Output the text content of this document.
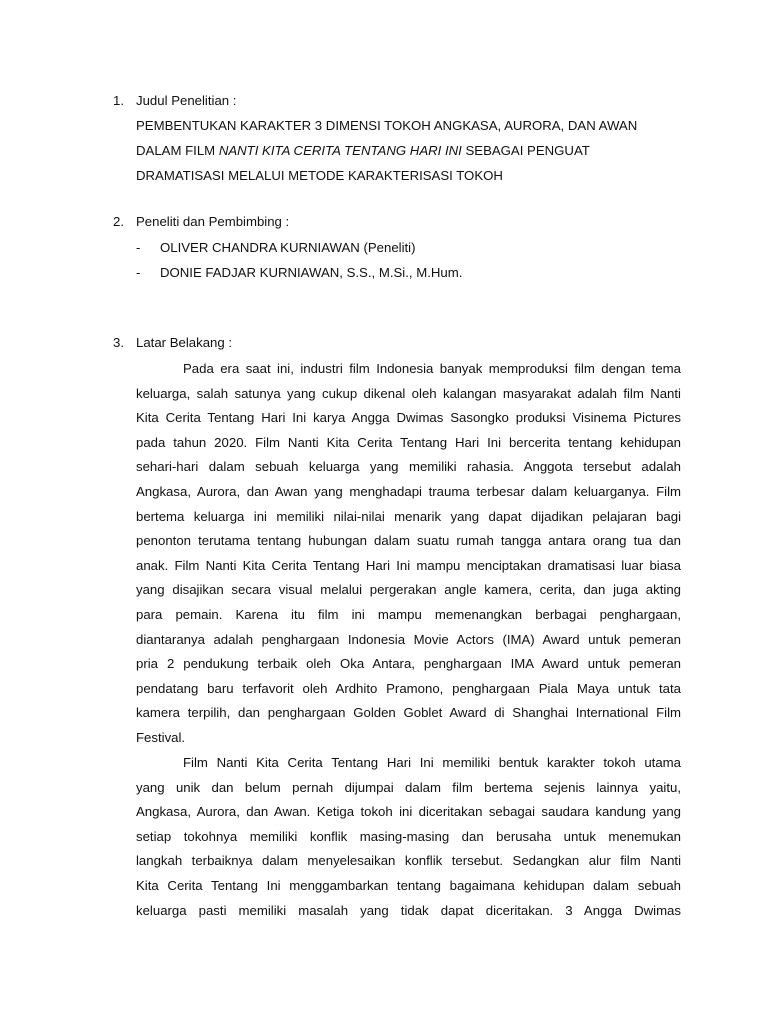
1. Judul Penelitian :
PEMBENTUKAN KARAKTER 3 DIMENSI TOKOH ANGKASA, AURORA, DAN AWAN
DALAM FILM NANTI KITA CERITA TENTANG HARI INI SEBAGAI PENGUAT
DRAMATISASI MELALUI METODE KARAKTERISASI TOKOH
2. Peneliti dan Pembimbing :
- OLIVER CHANDRA KURNIAWAN (Peneliti)
- DONIE FADJAR KURNIAWAN, S.S., M.Si., M.Hum.
3. Latar Belakang :
Pada era saat ini, industri film Indonesia banyak memproduksi film dengan tema
keluarga, salah satunya yang cukup dikenal oleh kalangan masyarakat adalah film Nanti
Kita Cerita Tentang Hari Ini karya Angga Dwimas Sasongko produksi Visinema Pictures
pada tahun 2020. Film Nanti Kita Cerita Tentang Hari Ini bercerita tentang kehidupan
sehari-hari dalam sebuah keluarga yang memiliki rahasia. Anggota tersebut adalah
Angkasa, Aurora, dan Awan yang menghadapi trauma terbesar dalam keluarganya. Film
bertema keluarga ini memiliki nilai-nilai menarik yang dapat dijadikan pelajaran bagi
penonton terutama tentang hubungan dalam suatu rumah tangga antara orang tua dan
anak. Film Nanti Kita Cerita Tentang Hari Ini mampu menciptakan dramatisasi luar biasa
yang disajikan secara visual melalui pergerakan angle kamera, cerita, dan juga akting
para pemain. Karena itu film ini mampu memenangkan berbagai penghargaan,
diantaranya adalah penghargaan Indonesia Movie Actors (IMA) Award untuk pemeran
pria 2 pendukung terbaik oleh Oka Antara, penghargaan IMA Award untuk pemeran
pendatang baru terfavorit oleh Ardhito Pramono, penghargaan Piala Maya untuk tata
kamera terpilih, dan penghargaan Golden Goblet Award di Shanghai International Film
Festival.
Film Nanti Kita Cerita Tentang Hari Ini memiliki bentuk karakter tokoh utama
yang unik dan belum pernah dijumpai dalam film bertema sejenis lainnya yaitu,
Angkasa, Aurora, dan Awan. Ketiga tokoh ini diceritakan sebagai saudara kandung yang
setiap tokohnya memiliki konflik masing-masing dan berusaha untuk menemukan
langkah terbaiknya dalam menyelesaikan konflik tersebut. Sedangkan alur film Nanti
Kita Cerita Tentang Ini menggambarkan tentang bagaimana kehidupan dalam sebuah
keluarga pasti memiliki masalah yang tidak dapat diceritakan. 3 Angga Dwimas
